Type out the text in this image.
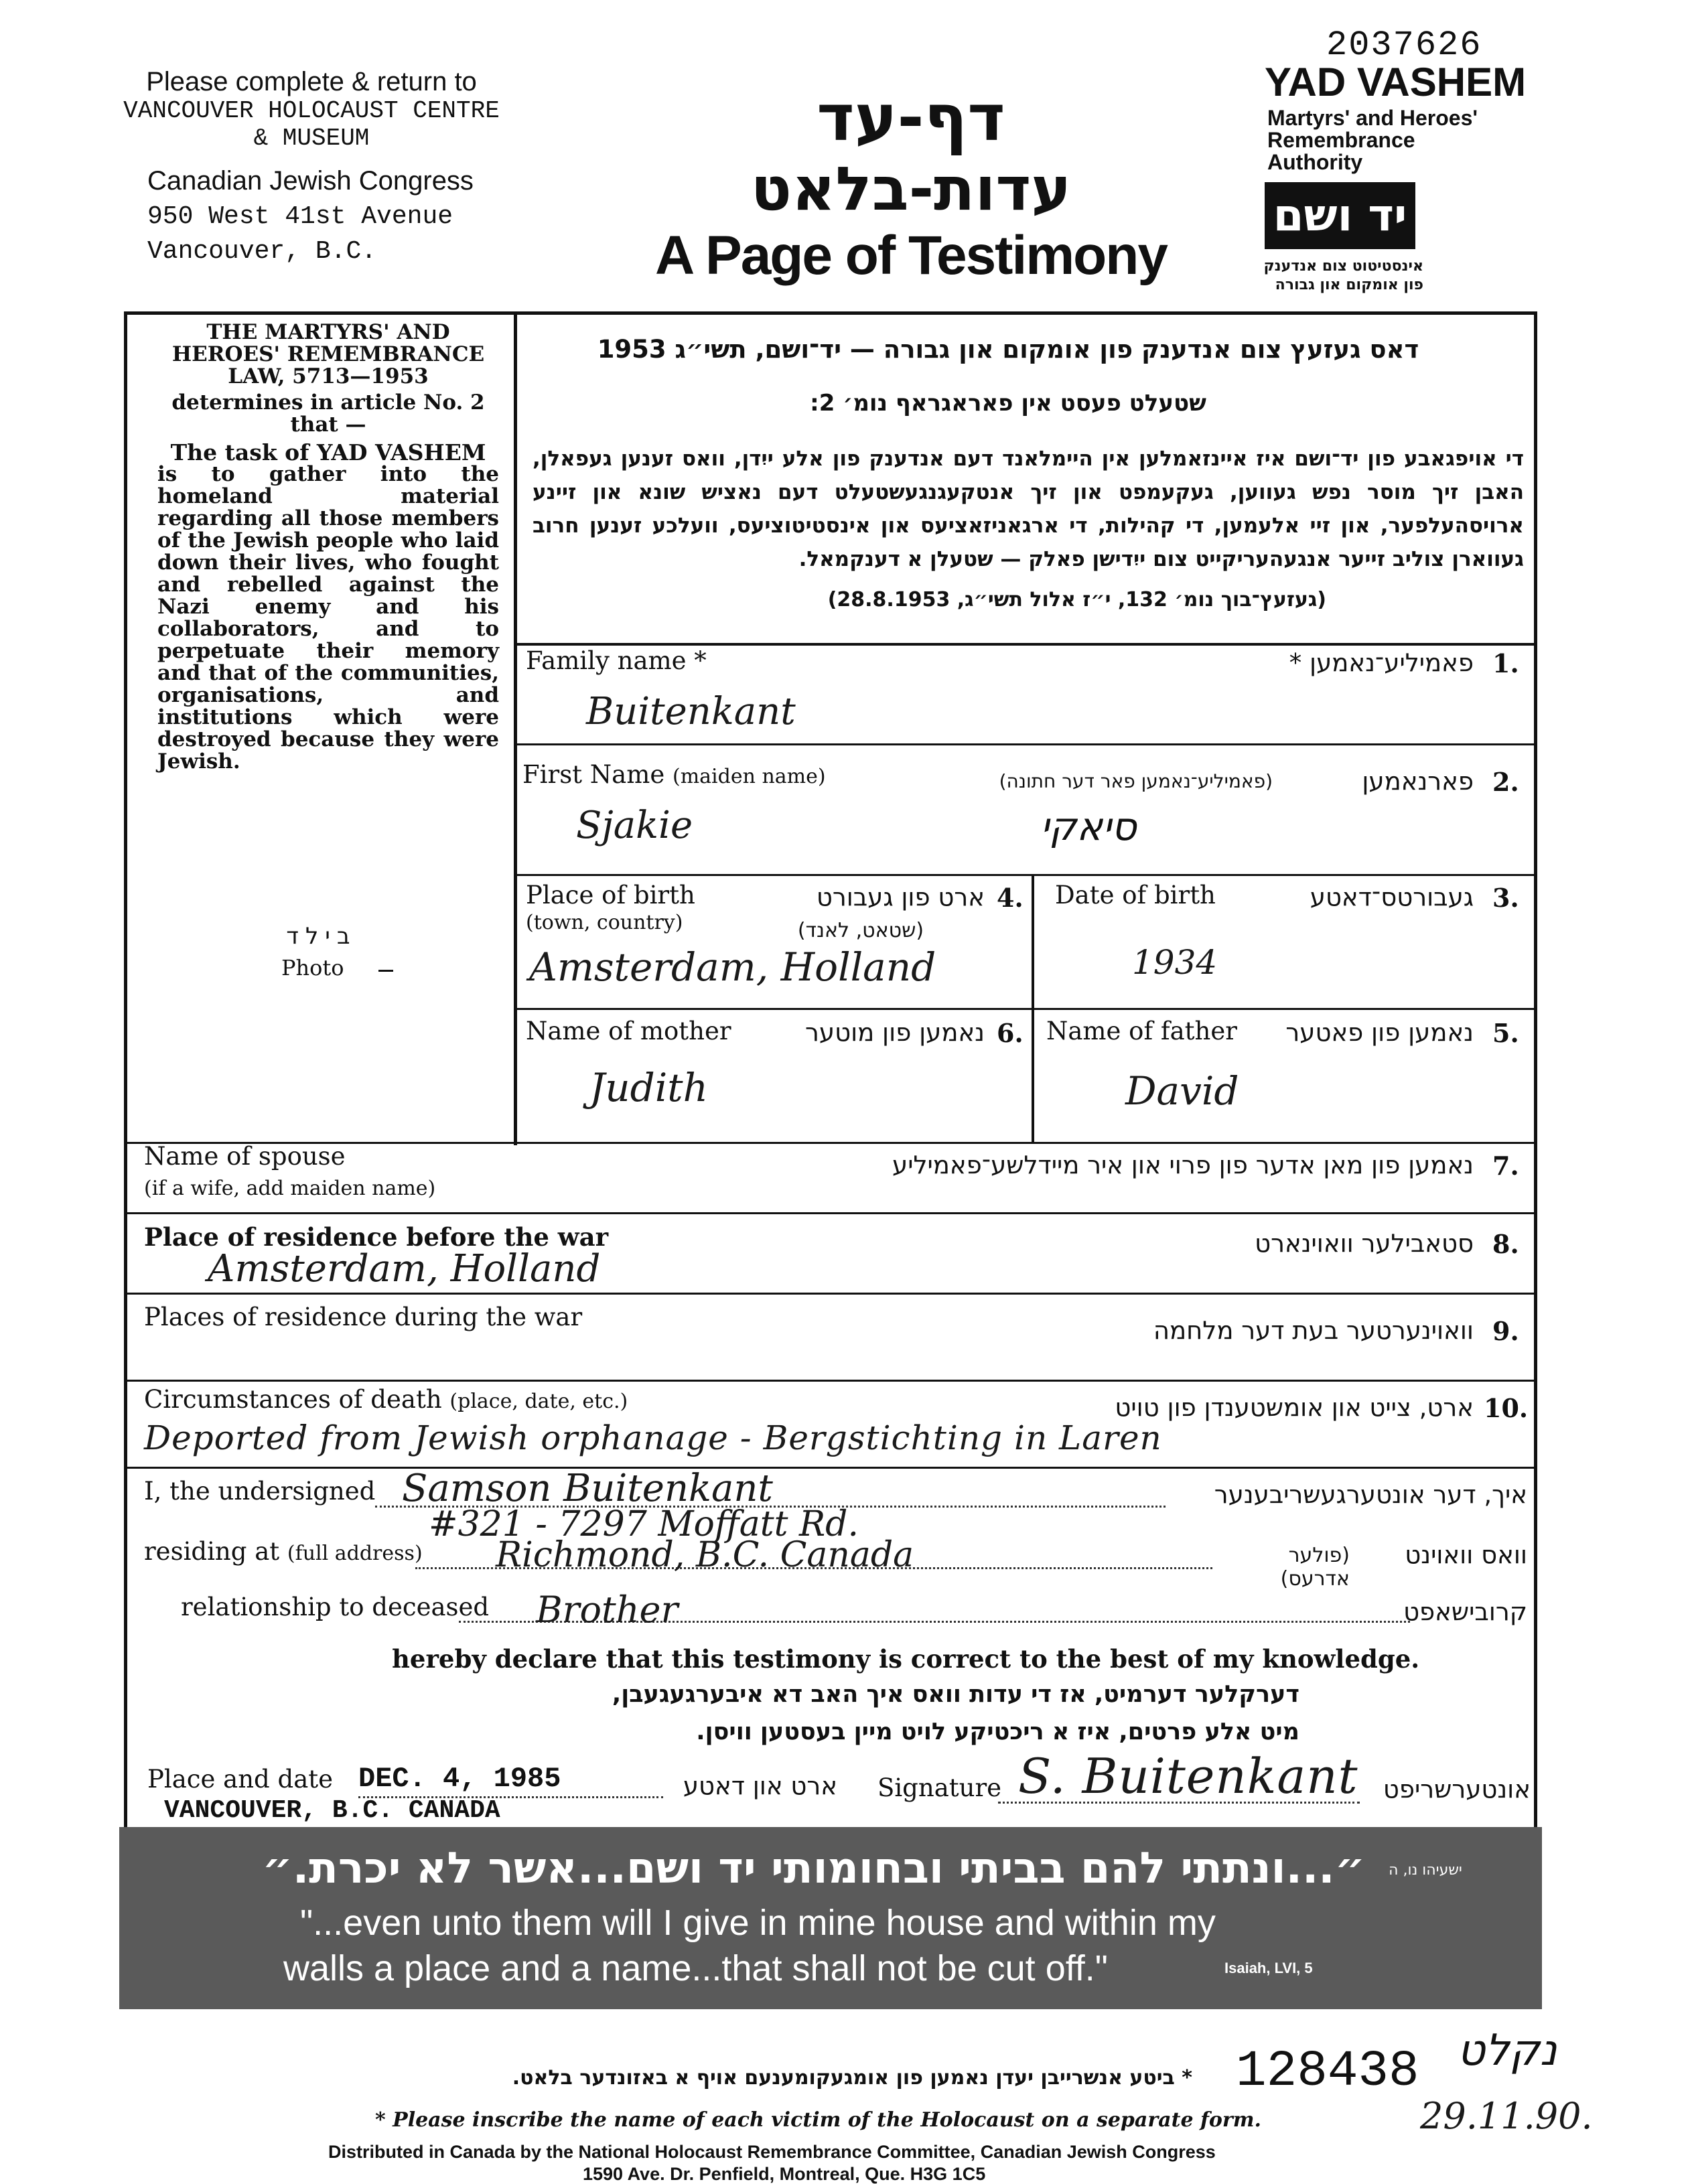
Please complete & return to
VANCOUVER HOLOCAUST CENTRE
& MUSEUM
Canadian Jewish Congress
950 West 41st Avenue
Vancouver, B.C.
דף-עד
עדות-בלאט
A Page of Testimony
2037626
YAD VASHEM
Martyrs' and Heroes'
Remembrance
Authority
יד ושם
אינסטיטוט צום אנדענק
פון אומקום און גבורה
THE MARTYRS' AND HEROES' REMEMBRANCE LAW, 5713—1953
determines in article No. 2 that —
The task of YAD VASHEM
is to gather into the homeland material regarding all those members of the Jewish people who laid down their lives, who fought and rebelled against the Nazi enemy and his collaborators, and to perpetuate their memory and that of the communities, organisations, and institutions which were destroyed because they were Jewish.
בילד
Photo
דאס געזעץ צום אנדענק פון אומקום און גבורה — יד־ושם, תשי״ג 1953
שטעלט פעסט אין פאראגראף נומ׳ 2:
די אויפגאבע פון יד־ושם איז איינזאמלען אין היימלאנד דעם אנדענק פון אלע ייִדן, וואס זענען געפאלן, האבן זיך מוסר נפש געווען, געקעמפט און זיך אנטקעגנגעשטעלט דעם נאציש שונא און זיינע ארויסהעלפער, און זיי אלעמען, די קהילות, די ארגאניזאציעס און אינסטיטוציעס, וועלכע זענען חרוב געווארן צוליב זייער אנגעהעריקייט צום ייִדישן פאלק — שטעלן א דענקמאל.
(געזעץ־בוך נומ׳ 132, י״ז אלול תשי״ג, 28.8.1953)
Family name *	פאמיליע־נאמען * 1.
Buitenkant
First Name (maiden name)	(פאמיליע־נאמען פאר דער חתונה)	פארנאמען 2.
Sjakie	סיאקי
Place of birth
(town, country)
ארט פון געבורט
(שטאט, לאנד)
4.
Amsterdam, Holland
Date of birth	געבורטס־דאטע 3.
1934
Name of mother	נאמען פון מוטער 6.
Judith
Name of father	נאמען פון פאטער 5.
David
Name of spouse
(if a wife, add maiden name)
נאמען פון מאן אדער פון פרוי און איר מיידלשע־פאמיליע 7.
Place of residence before the war	סטאבילער וואוינארט 8.
Amsterdam, Holland
Places of residence during the war	וואוינערטער בעת דער מלחמה 9.
Circumstances of death (place, date, etc.)	ארט, צייט און אומשטענדן פון טויט 10.
Deported from Jewish orphanage - Bergstichting in Laren
I, the undersigned Samson Buitenkant	איך, דער אונטערגעשריבענער
residing at (full address)
#321 - 7297 Moffatt Rd.
Richmond, B.C. Canada	(פולער אדרעס)
וואס וואוינט
relationship to deceased Brother	קרובישאפט
hereby declare that this testimony is correct to the best of my knowledge.
דערקלער דערמיט, אז די עדות וואס איך האב דא איבערגעגעבן,
מיט אלע פרטים, איז א ריכטיקע לויט מיין בעסטען וויסן.
Place and date DEC. 4, 1985
VANCOUVER, B.C. CANADA
ארט און דאטע Signature S. Buitenkant	אונטערשריפט
״...ונתתי להם בביתי ובחומותי יד ושם...אשר לא יכרת.״	ישעיהו נו, ה
"...even unto them will I give in mine house and within my
walls a place and a name...that shall not be cut off."	Isaiah, LVI, 5
* ביטע אנשרייבן יעדן נאמען פון אומגעקומענעם אויף א באזונדער בלאט. 128438 נקלט
29.11.90.
* Please inscribe the name of each victim of the Holocaust on a separate form.
Distributed in Canada by the National Holocaust Remembrance Committee, Canadian Jewish Congress
1590 Ave. Dr. Penfield, Montreal, Que. H3G 1C5
